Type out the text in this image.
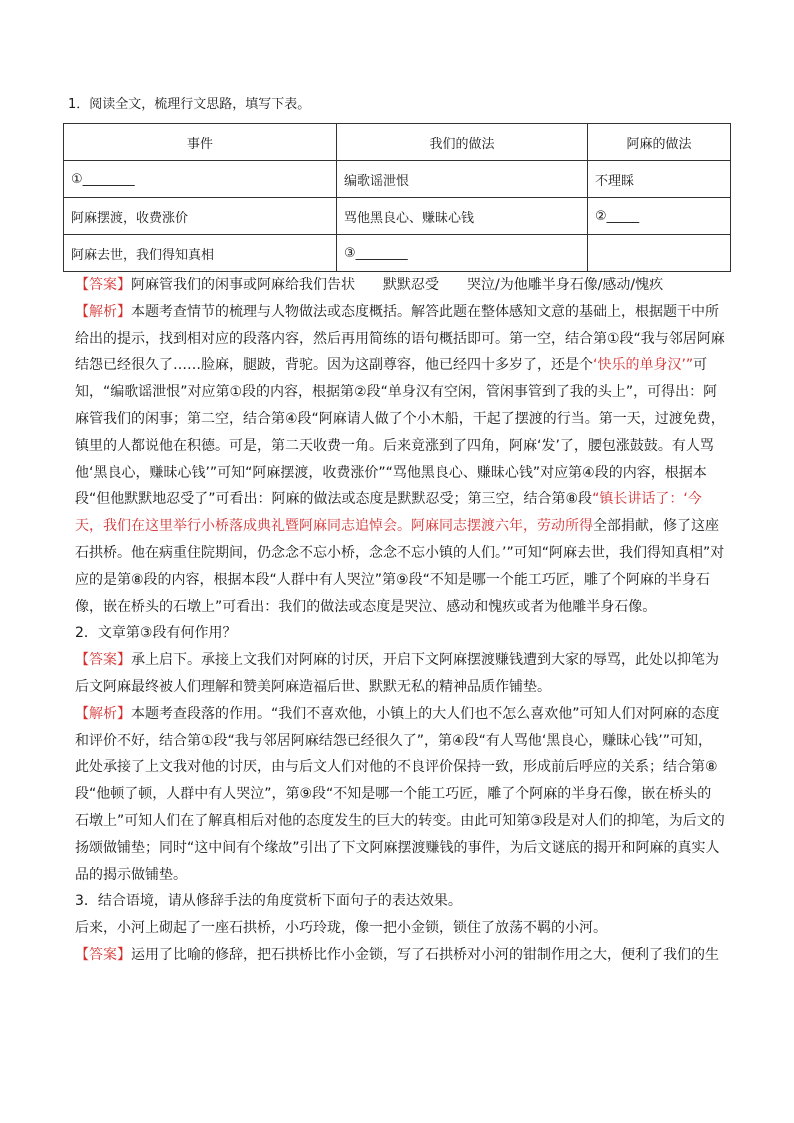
1．阅读全文，梳理行文思路，填写下表。
事件	我们的做法	阿麻的做法
①________	编歌谣泄恨	不理睬
阿麻摆渡，收费涨价	骂他黑良心、赚昧心钱	②_____
阿麻去世，我们得知真相	③________	

【答案】阿麻管我们的闲事或阿麻给我们告状 默默忍受 哭泣/为他雕半身石像/感动/愧疚

【解析】本题考查情节的梳理与人物做法或态度概括。解答此题在整体感知文意的基础上，根据题干中所给出的提示，找到相对应的段落内容，然后再用简练的语句概括即可。第一空，结合第①段“我与邻居阿麻结怨已经很久了……脸麻，腿跛，背驼。因为这副尊容，他已经四十多岁了，还是个‘快乐的单身汉’”可知，“编歌谣泄恨”对应第①段的内容，根据第②段“单身汉有空闲，管闲事管到了我的头上”，可得出：阿麻管我们的闲事；第二空，结合第④段“阿麻请人做了个小木船，干起了摆渡的行当。第一天，过渡免费，镇里的人都说他在积德。可是，第二天收费一角。后来竟涨到了四角，阿麻‘发’了，腰包涨鼓鼓。有人骂他‘黑良心，赚昧心钱’”可知“阿麻摆渡，收费涨价”“骂他黑良心、赚昧心钱”对应第④段的内容，根据本段“但他默默地忍受了”可看出：阿麻的做法或态度是默默忍受；第三空，结合第⑧段“镇长讲话了：‘今天，我们在这里举行小桥落成典礼暨阿麻同志追悼会。阿麻同志摆渡六年，劳动所得全部捐献，修了这座石拱桥。他在病重住院期间，仍念念不忘小桥，念念不忘小镇的人们。’”可知“阿麻去世，我们得知真相”对应的是第⑧段的内容，根据本段“人群中有人哭泣”第⑨段“不知是哪一个能工巧匠，雕了个阿麻的半身石像，嵌在桥头的石墩上”可看出：我们的做法或态度是哭泣、感动和愧疚或者为他雕半身石像。

2．文章第③段有何作用？

【答案】承上启下。承接上文我们对阿麻的讨厌，开启下文阿麻摆渡赚钱遭到大家的辱骂，此处以抑笔为后文阿麻最终被人们理解和赞美阿麻造福后世、默默无私的精神品质作铺垫。

【解析】本题考查段落的作用。“我们不喜欢他，小镇上的大人们也不怎么喜欢他”可知人们对阿麻的态度和评价不好，结合第①段“我与邻居阿麻结怨已经很久了”，第④段“有人骂他‘黑良心，赚昧心钱’”可知，此处承接了上文我对他的讨厌，由与后文人们对他的不良评价保持一致，形成前后呼应的关系；结合第⑧段“他顿了顿，人群中有人哭泣”，第⑨段“不知是哪一个能工巧匠，雕了个阿麻的半身石像，嵌在桥头的石墩上”可知人们在了解真相后对他的态度发生的巨大的转变。由此可知第③段是对人们的抑笔，为后文的扬颂做铺垫；同时“这中间有个缘故”引出了下文阿麻摆渡赚钱的事件，为后文谜底的揭开和阿麻的真实人品的揭示做铺垫。

3．结合语境，请从修辞手法的角度赏析下面句子的表达效果。

后来，小河上砌起了一座石拱桥，小巧玲珑，像一把小金锁，锁住了放荡不羁的小河。

【答案】运用了比喻的修辞，把石拱桥比作小金锁，写了石拱桥对小河的钳制作用之大，便利了我们的生
